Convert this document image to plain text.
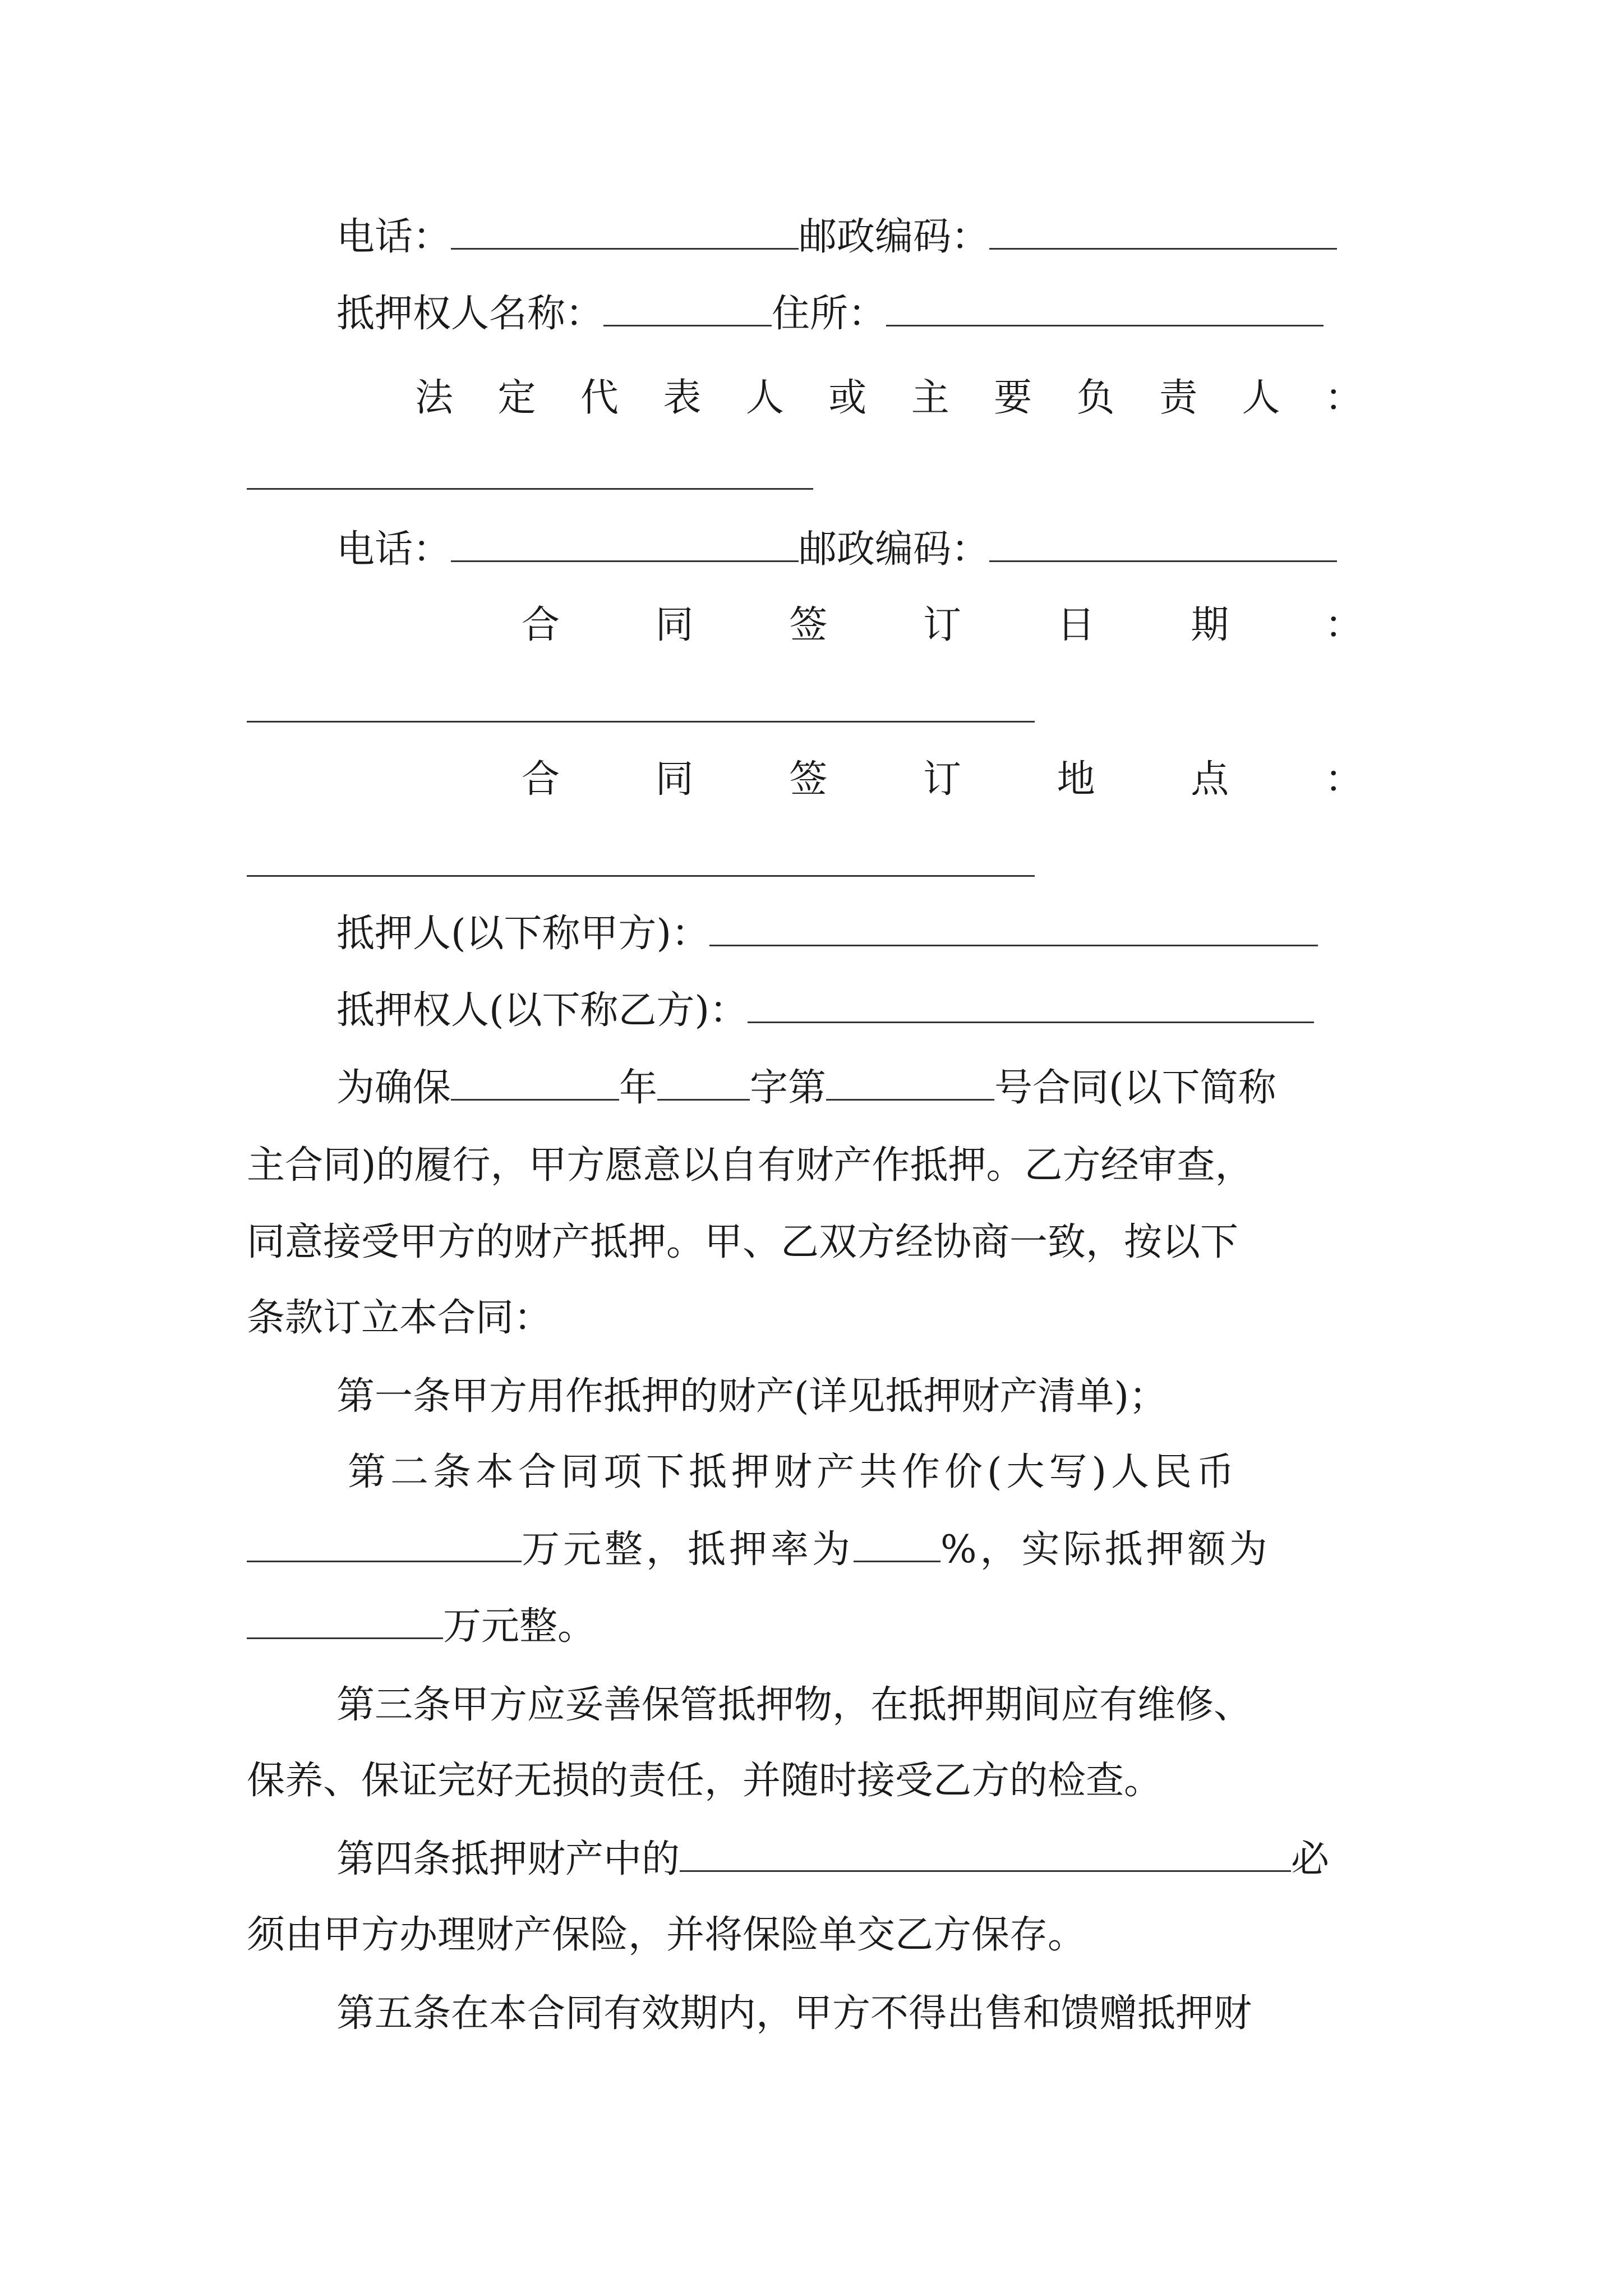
电话：	邮政编码：
抵押权人名称：	住所：
法 定 代 表 人 或 主 要 负 责 人 ：
电话：	邮政编码：
合	同	签	订	日	期	：
合	同	签	订	地	点	：
抵押人(以下称甲方)：
抵押权人(以下称乙方)：
为确保	年 字第	号合同(以下简称
主合同)的履行，甲方愿意以自有财产作抵押。乙方经审查，
同意接受甲方的财产抵押。甲、乙双方经协商一致，按以下
条款订立本合同：
第一条甲方用作抵押的财产(详见抵押财产清单)；
第二条本合同项下抵押财产共作价(大写)人民币
万元整，抵押率为 %，实际抵押额为
万元整。
第三条甲方应妥善保管抵押物，在抵押期间应有维修、
保养、保证完好无损的责任，并随时接受乙方的检查。
第四条抵押财产中的	必
须由甲方办理财产保险，并将保险单交乙方保存。
第五条在本合同有效期内，甲方不得出售和馈赠抵押财
